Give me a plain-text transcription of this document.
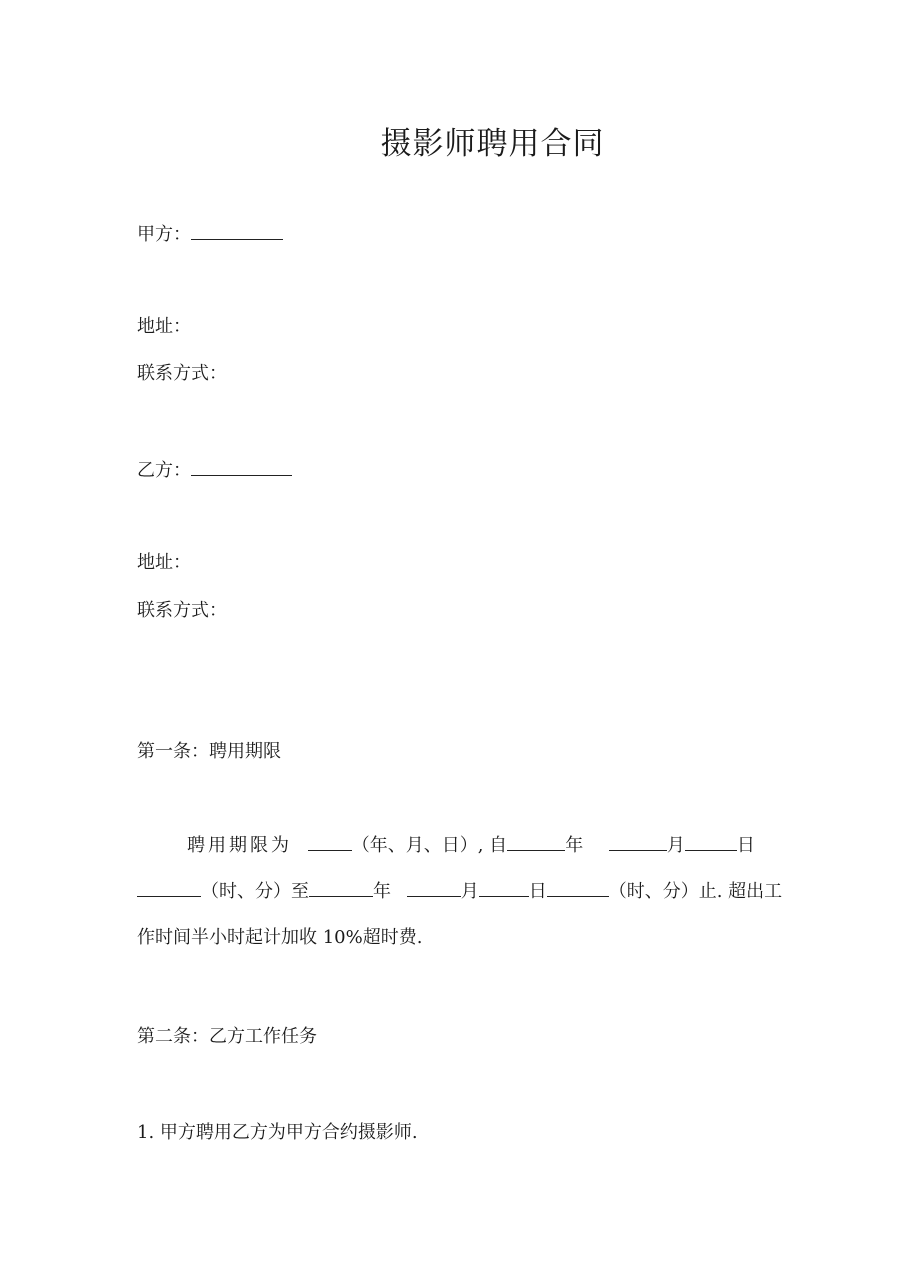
摄影师聘用合同
甲方：
地址：
联系方式：
乙方：
地址：
联系方式：
第一条：聘用期限
聘用期限为	（年、月、日）, 自	年	月	日
（时、分）至	年	月	日	（时、分）止. 超出工
作时间半小时起计加收 10%超时费.
第二条：乙方工作任务
1. 甲方聘用乙方为甲方合约摄影师.
